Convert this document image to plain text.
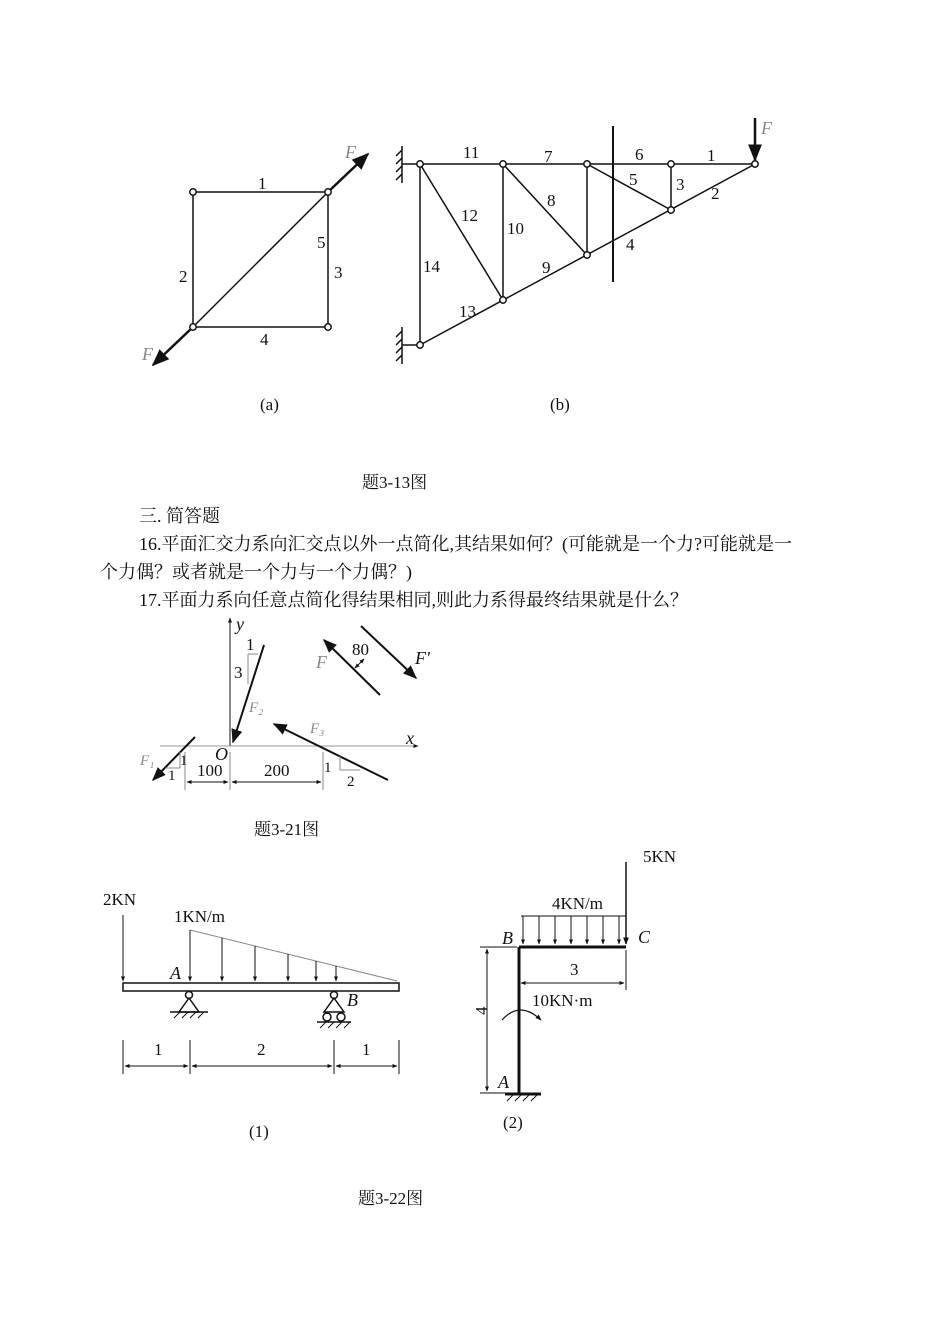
1
2	3
4
5
F
F
(a)
1
2
3
4
5
6
7
8
9
10
11
12
13
14
F
(b)
题3-13图
y
x
O
1
3
F₂
1
1
F₁	1
2
F₃
80
F	F'
100 200
题3-21图
2KN
1KN/m
A
B
1	2	1
(1)
5KN
4KN/m
B	C
A
3
4
10KN·m
(2)
题3-22图
三. 简答题
16.平面汇交力系向汇交点以外一点简化,其结果如何？(可能就是一个力?可能就是一
个力偶？或者就是一个力与一个力偶？)
17.平面力系向任意点简化得结果相同,则此力系得最终结果就是什么？
